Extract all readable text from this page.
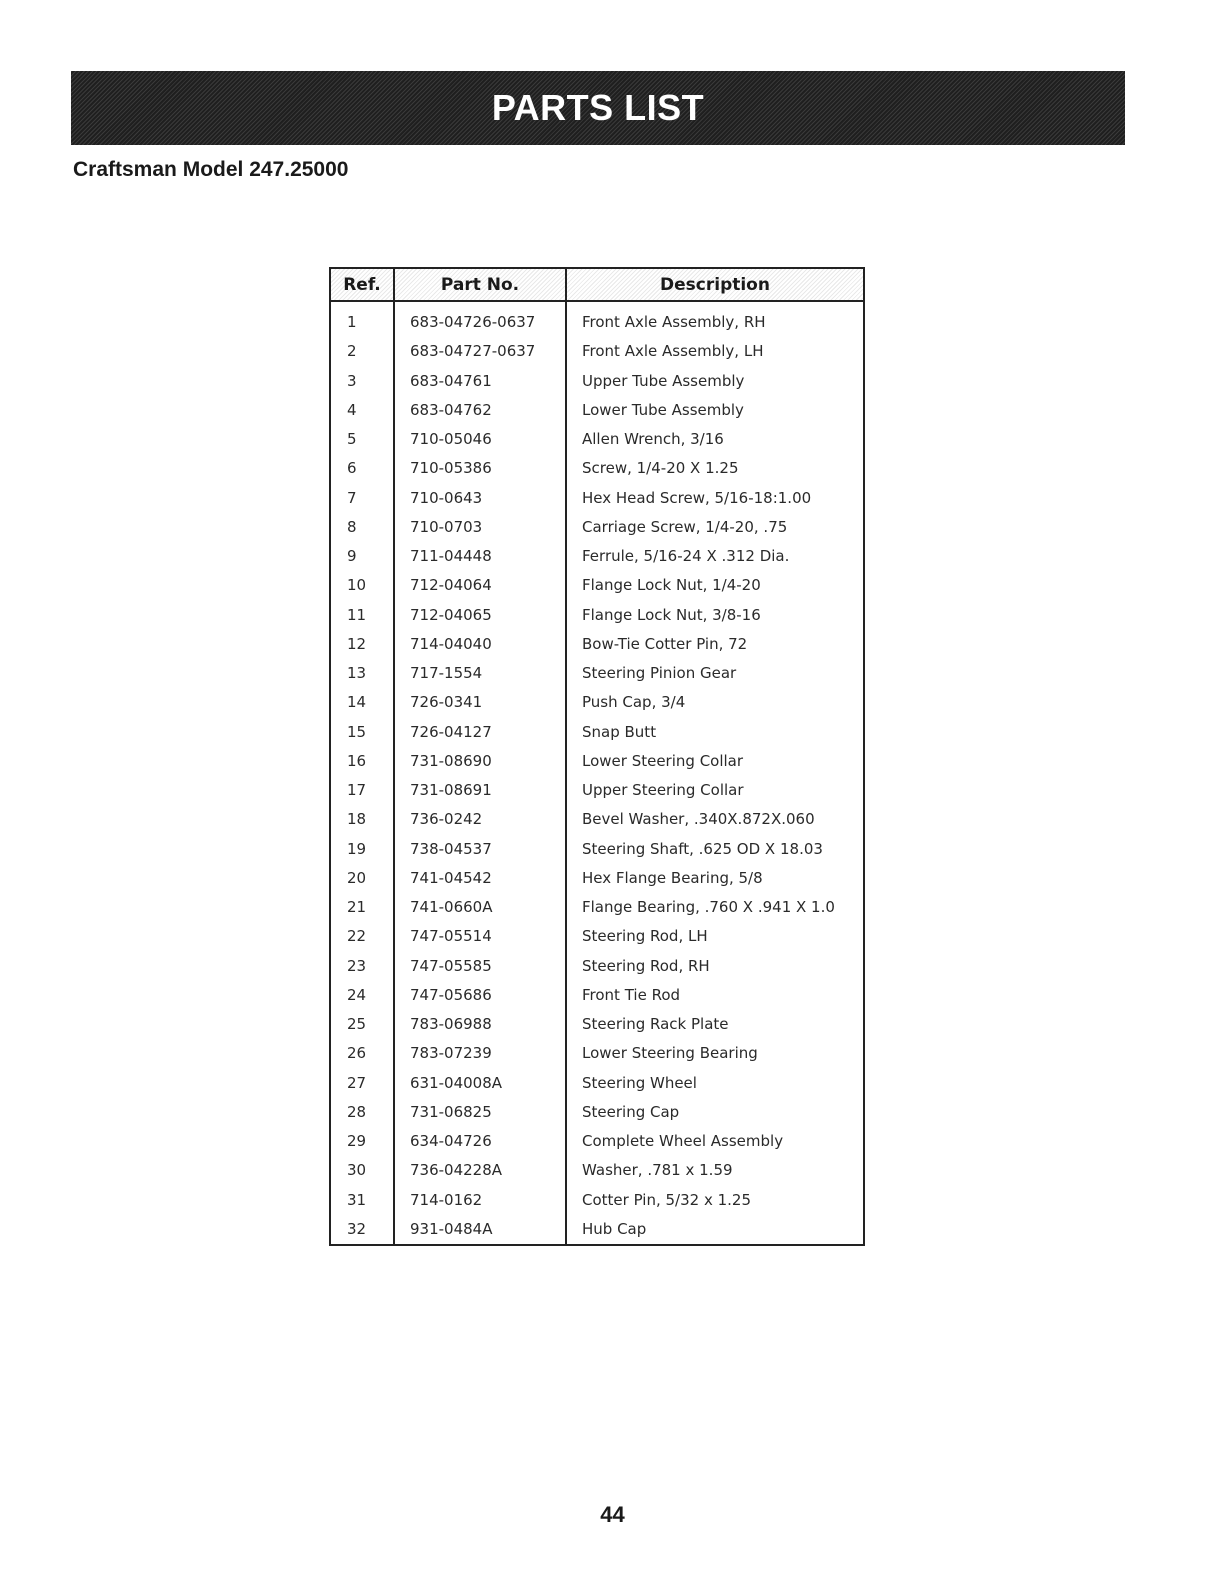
PARTS LIST
Craftsman Model 247.25000
Ref.	Part No.	Description
1
2
3
4
5
6
7
8
9
10
11
12
13
14
15
16
17
18
19
20
21
22
23
24
25
26
27
28
29
30
31
32
683-04726-0637
683-04727-0637
683-04761
683-04762
710-05046
710-05386
710-0643
710-0703
711-04448
712-04064
712-04065
714-04040
717-1554
726-0341
726-04127
731-08690
731-08691
736-0242
738-04537
741-04542
741-0660A
747-05514
747-05585
747-05686
783-06988
783-07239
631-04008A
731-06825
634-04726
736-04228A
714-0162
931-0484A
Front Axle Assembly, RH
Front Axle Assembly, LH
Upper Tube Assembly
Lower Tube Assembly
Allen Wrench, 3/16
Screw, 1/4-20 X 1.25
Hex Head Screw, 5/16-18:1.00
Carriage Screw, 1/4-20, .75
Ferrule, 5/16-24 X .312 Dia.
Flange Lock Nut, 1/4-20
Flange Lock Nut, 3/8-16
Bow-Tie Cotter Pin, 72
Steering Pinion Gear
Push Cap, 3/4
Snap Butt
Lower Steering Collar
Upper Steering Collar
Bevel Washer, .340X.872X.060
Steering Shaft, .625 OD X 18.03
Hex Flange Bearing, 5/8
Flange Bearing, .760 X .941 X 1.0
Steering Rod, LH
Steering Rod, RH
Front Tie Rod
Steering Rack Plate
Lower Steering Bearing
Steering Wheel
Steering Cap
Complete Wheel Assembly
Washer, .781 x 1.59
Cotter Pin, 5/32 x 1.25
Hub Cap
44
